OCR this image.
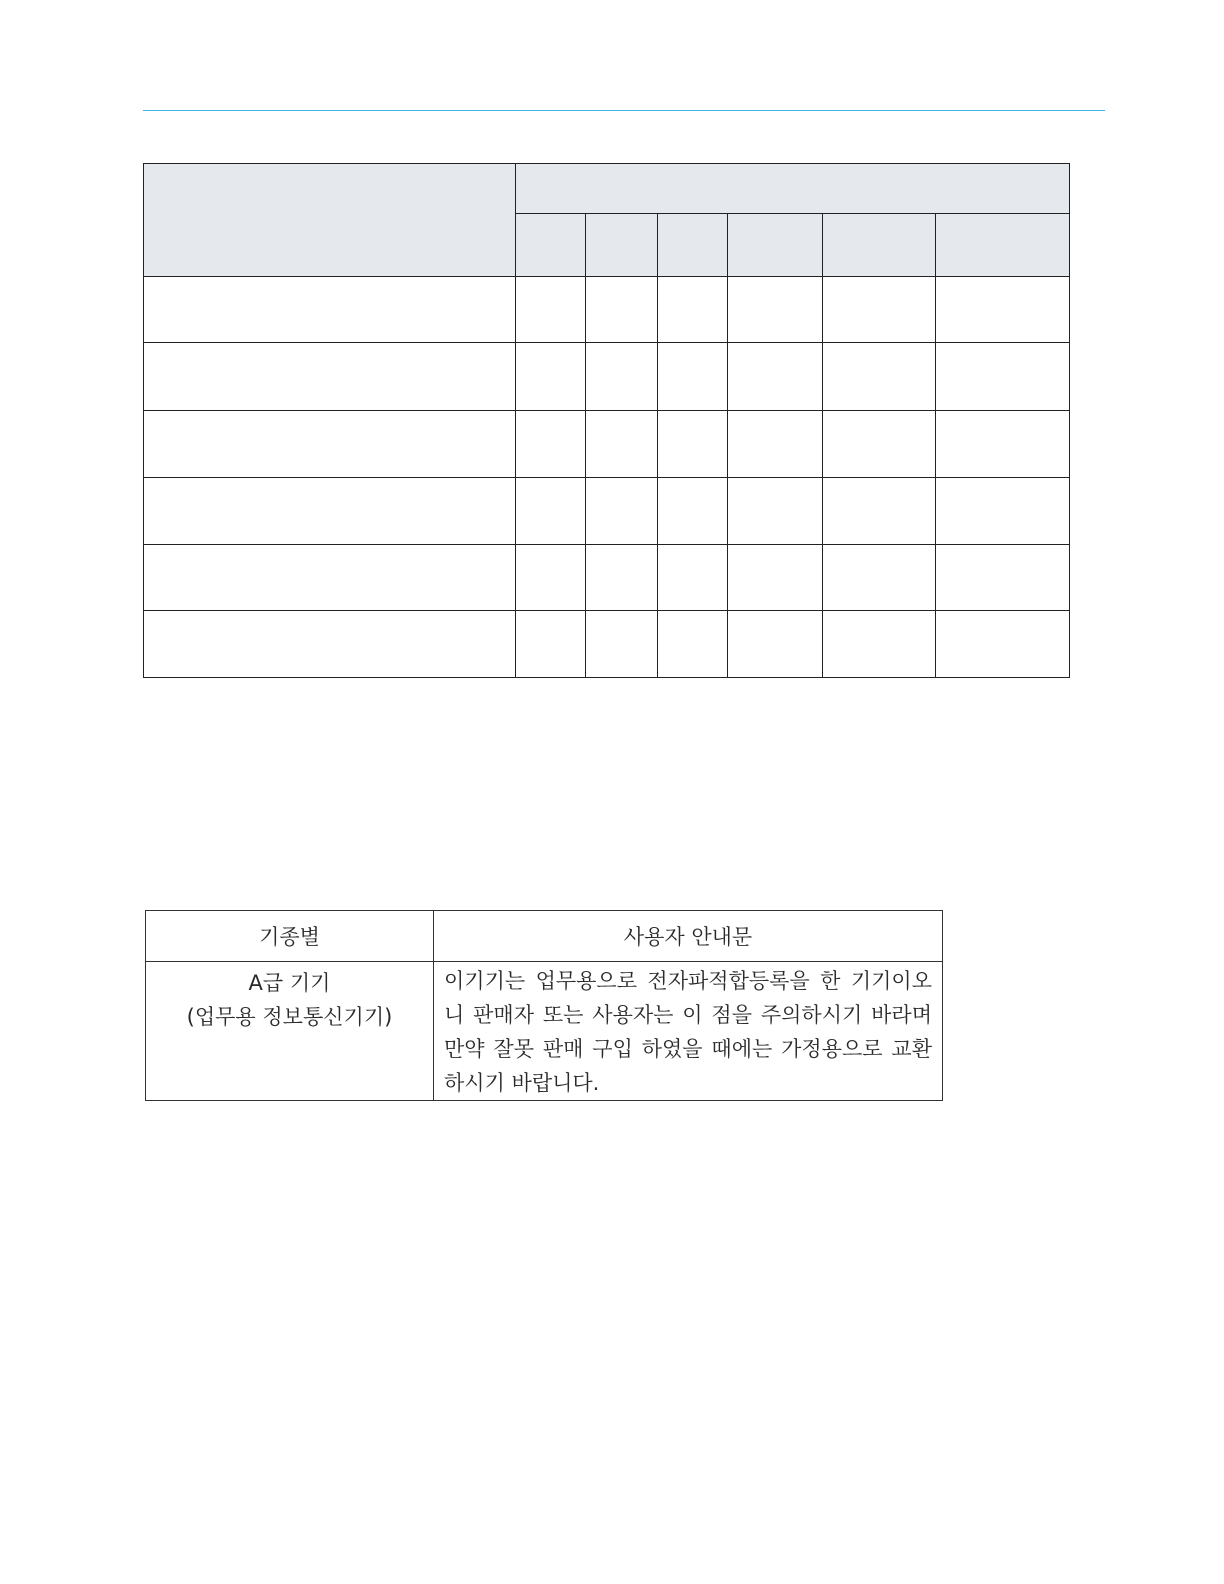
기종별	사용자 안내문

A급 기기
(업무용 정보통신기기)	이기기는 업무용으로 전자파적합등록을 한 기기이오니 판매자 또는 사용자는 이 점을 주의하시기 바라며 만약 잘못 판매 구입 하였을 때에는 가정용으로 교환하시기 바랍니다.
